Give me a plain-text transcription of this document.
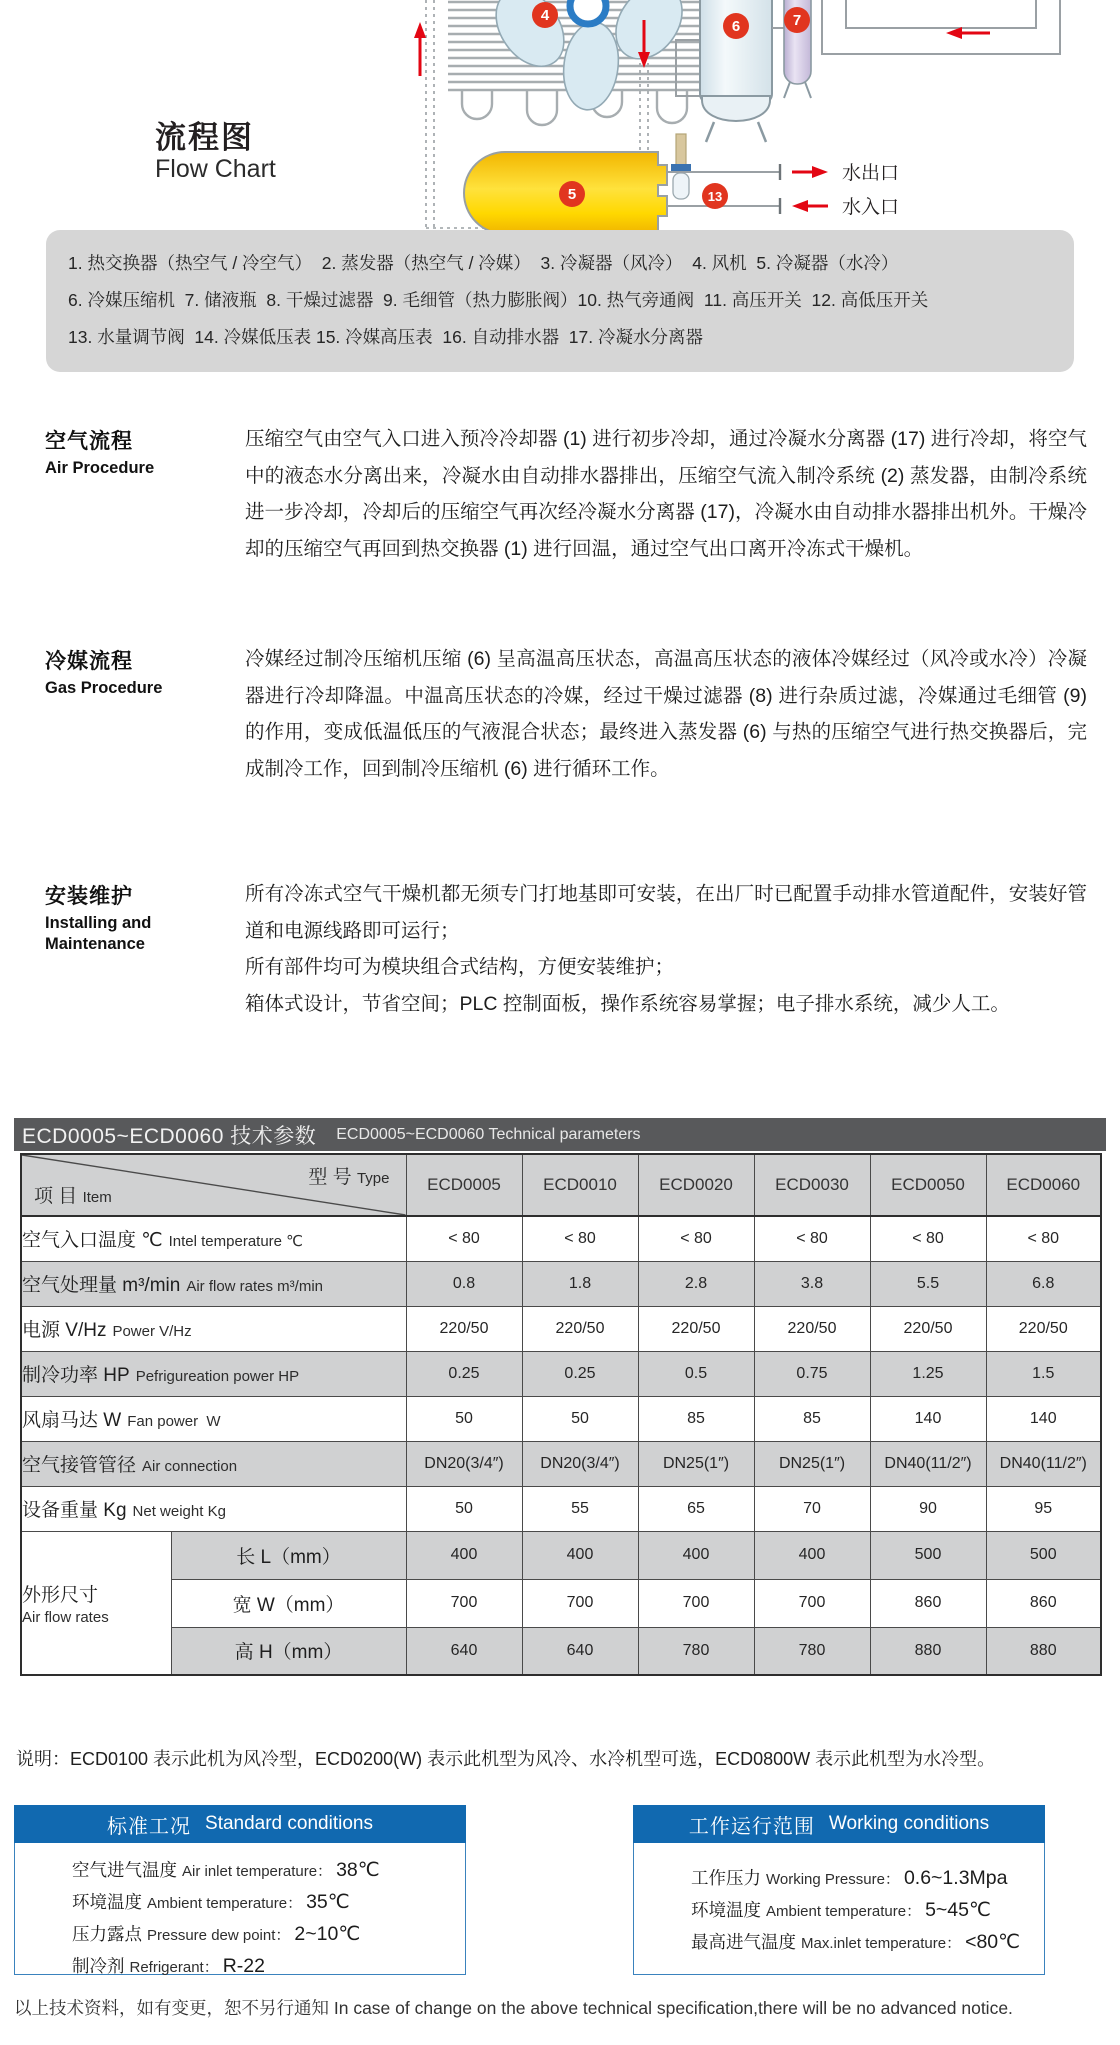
水出口
水入口
4
5
6	7
13
流程图
Flow Chart
1. 热交换器（热空气 / 冷空气）  2. 蒸发器（热空气 / 冷媒）  3. 冷凝器（风冷）  4. 风机  5. 冷凝器（水冷）
6. 冷媒压缩机  7. 储液瓶  8. 干燥过滤器  9. 毛细管（热力膨胀阀）10. 热气旁通阀  11. 高压开关  12. 高低压开关
13. 水量调节阀  14. 冷媒低压表 15. 冷媒高压表  16. 自动排水器  17. 冷凝水分离器
空气流程
Air Procedure

压缩空气由空气入口进入预冷冷却器 (1) 进行初步冷却，通过冷凝水分离器 (17) 进行冷却，将空气中的液态水分离出来，冷凝水由自动排水器排出，压缩空气流入制冷系统 (2) 蒸发器，由制冷系统进一步冷却，冷却后的压缩空气再次经冷凝水分离器 (17)，冷凝水由自动排水器排出机外。干燥冷却的压缩空气再回到热交换器 (1) 进行回温，通过空气出口离开冷冻式干燥机。

冷媒流程
Gas Procedure

冷媒经过制冷压缩机压缩 (6) 呈高温高压状态，高温高压状态的液体冷媒经过（风冷或水冷）冷凝器进行冷却降温。中温高压状态的冷媒，经过干燥过滤器 (8) 进行杂质过滤，冷媒通过毛细管 (9) 的作用，变成低温低压的气液混合状态；最终进入蒸发器 (6) 与热的压缩空气进行热交换器后，完成制冷工作，回到制冷压缩机 (6) 进行循环工作。

安装维护
Installing and Maintenance

所有冷冻式空气干燥机都无须专门打地基即可安装，在出厂时已配置手动排水管道配件，安装好管道和电源线路即可运行；

所有部件均可为模块组合式结构，方便安装维护；

箱体式设计，节省空间；PLC 控制面板，操作系统容易掌握；电子排水系统，减少人工。

ECD0005~ECD0060 技术参数 ECD0005~ECD0060 Technical parameters
型 号 Type
项 目 Item		ECD0005	ECD0010	ECD0020	ECD0030	ECD0050	ECD0060
空气入口温度 ℃ Intel temperature ℃		< 80	< 80	< 80	< 80	< 80	< 80
空气处理量 m³/min Air flow rates m³/min		0.8	1.8	2.8	3.8	5.5	6.8
电源 V/Hz Power V/Hz		220/50	220/50	220/50	220/50	220/50	220/50
制冷功率 HP Pefrigureation power HP		0.25	0.25	0.5	0.75	1.25	1.5
风扇马达 W Fan power  W		50	50	85	85	140	140
空气接管管径 Air connection		DN20(3/4″)	DN20(3/4″)	DN25(1″)	DN25(1″)	DN40(11/2″)	DN40(11/2″)
设备重量 Kg Net weight Kg		50	55	65	70	90	95

外形尺寸
Air flow rates	长 L（mm）	400	400	400	400	500	500
	宽 W（mm）	700	700	700	700	860	860
	高 H（mm）	640	640	780	780	880	880
说明：ECD0100 表示此机为风冷型，ECD0200(W) 表示此机型为风冷、水冷机型可选，ECD0800W 表示此机型为水冷型。
标准工况 Standard conditions
空气进气温度 Air inlet temperature： 38℃
环境温度 Ambient temperature： 35℃
压力露点 Pressure dew point： 2~10℃
制冷剂 Refrigerant： R-22
工作运行范围 Working conditions
工作压力 Working Pressure： 0.6~1.3Mpa
环境温度 Ambient temperature： 5~45℃
最高进气温度 Max.inlet temperature： <80℃
以上技术资料，如有变更，恕不另行通知 In case of change on the above technical specification,there will be no advanced notice.
